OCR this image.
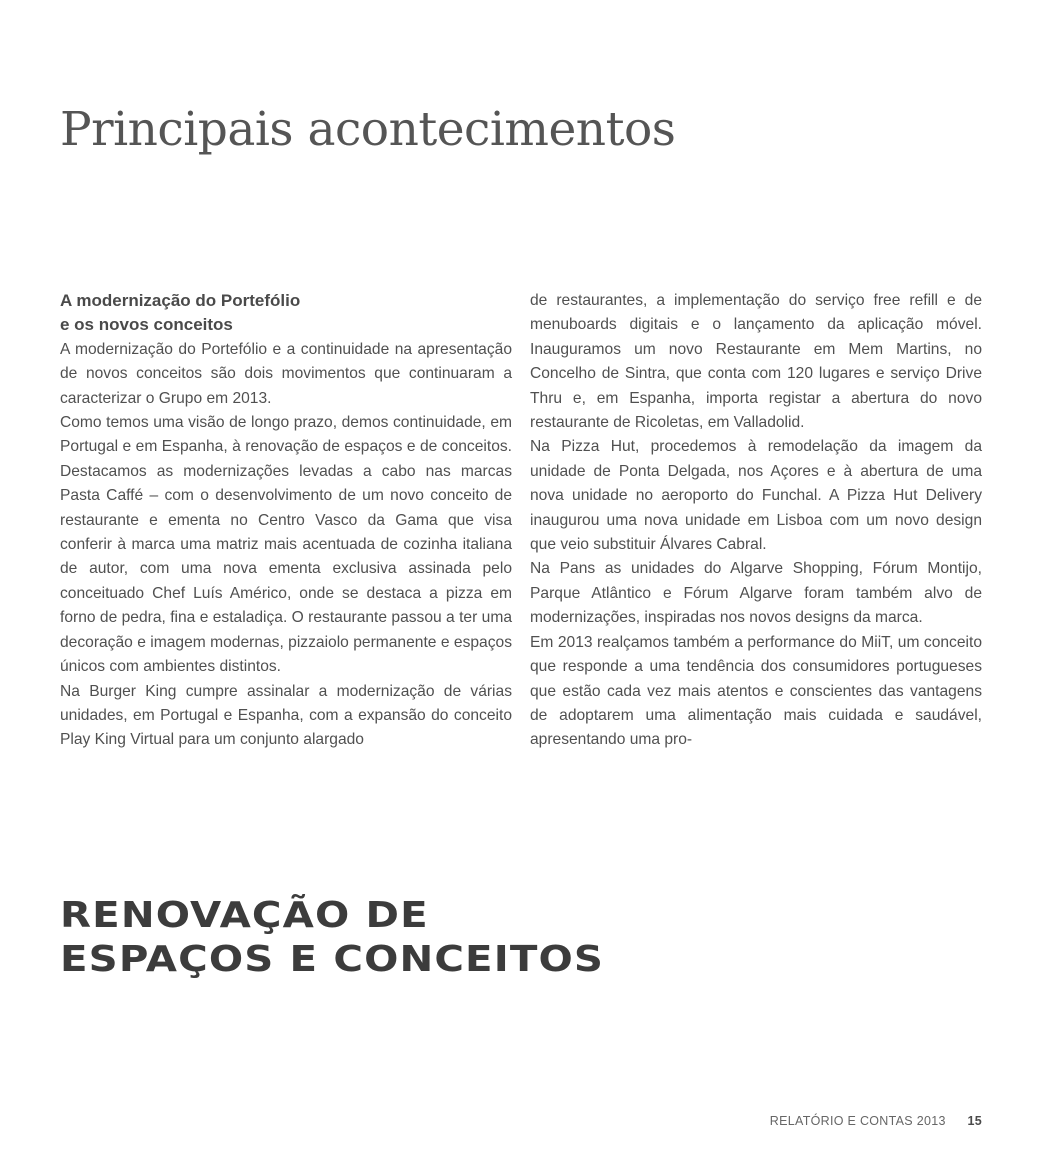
Principais acontecimentos
A modernização do Portefólio
e os novos conceitos

A modernização do Portefólio e a continuidade na apresentação de novos conceitos são dois movimentos que continuaram a caracterizar o Grupo em 2013.

Como temos uma visão de longo prazo, demos continuidade, em Portugal e em Espanha, à renovação de espaços e de conceitos. Destacamos as modernizações levadas a cabo nas marcas Pasta Caffé – com o desenvolvimento de um novo conceito de restaurante e ementa no Centro Vasco da Gama que visa conferir à marca uma matriz mais acentuada de cozinha italiana de autor, com uma nova ementa exclusiva assinada pelo conceituado Chef Luís Américo, onde se destaca a pizza em forno de pedra, fina e estaladiça. O restaurante passou a ter uma decoração e imagem modernas, pizzaiolo permanente e espaços únicos com ambientes distintos.

Na Burger King cumpre assinalar a modernização de várias unidades, em Portugal e Espanha, com a expansão do conceito Play King Virtual para um conjunto alargado

de restaurantes, a implementação do serviço free refill e de menuboards digitais e o lançamento da aplicação móvel. Inauguramos um novo Restaurante em Mem Martins, no Concelho de Sintra, que conta com 120 lugares e serviço Drive Thru e, em Espanha, importa registar a abertura do novo restaurante de Ricoletas, em Valladolid.

Na Pizza Hut, procedemos à remodelação da imagem da unidade de Ponta Delgada, nos Açores e à abertura de uma nova unidade no aeroporto do Funchal. A Pizza Hut Delivery inaugurou uma nova unidade em Lisboa com um novo design que veio substituir Álvares Cabral.

Na Pans as unidades do Algarve Shopping, Fórum Montijo, Parque Atlântico e Fórum Algarve foram também alvo de modernizações, inspiradas nos novos designs da marca.

Em 2013 realçamos também a performance do MiiT, um conceito que responde a uma tendência dos consumidores portugueses que estão cada vez mais atentos e conscientes das vantagens de adoptarem uma alimentação mais cuidada e saudável, apresentando uma pro-

RENOVAÇÃO DE
ESPAÇOS E CONCEITOS
RELATÓRIO E CONTAS 2013 15
